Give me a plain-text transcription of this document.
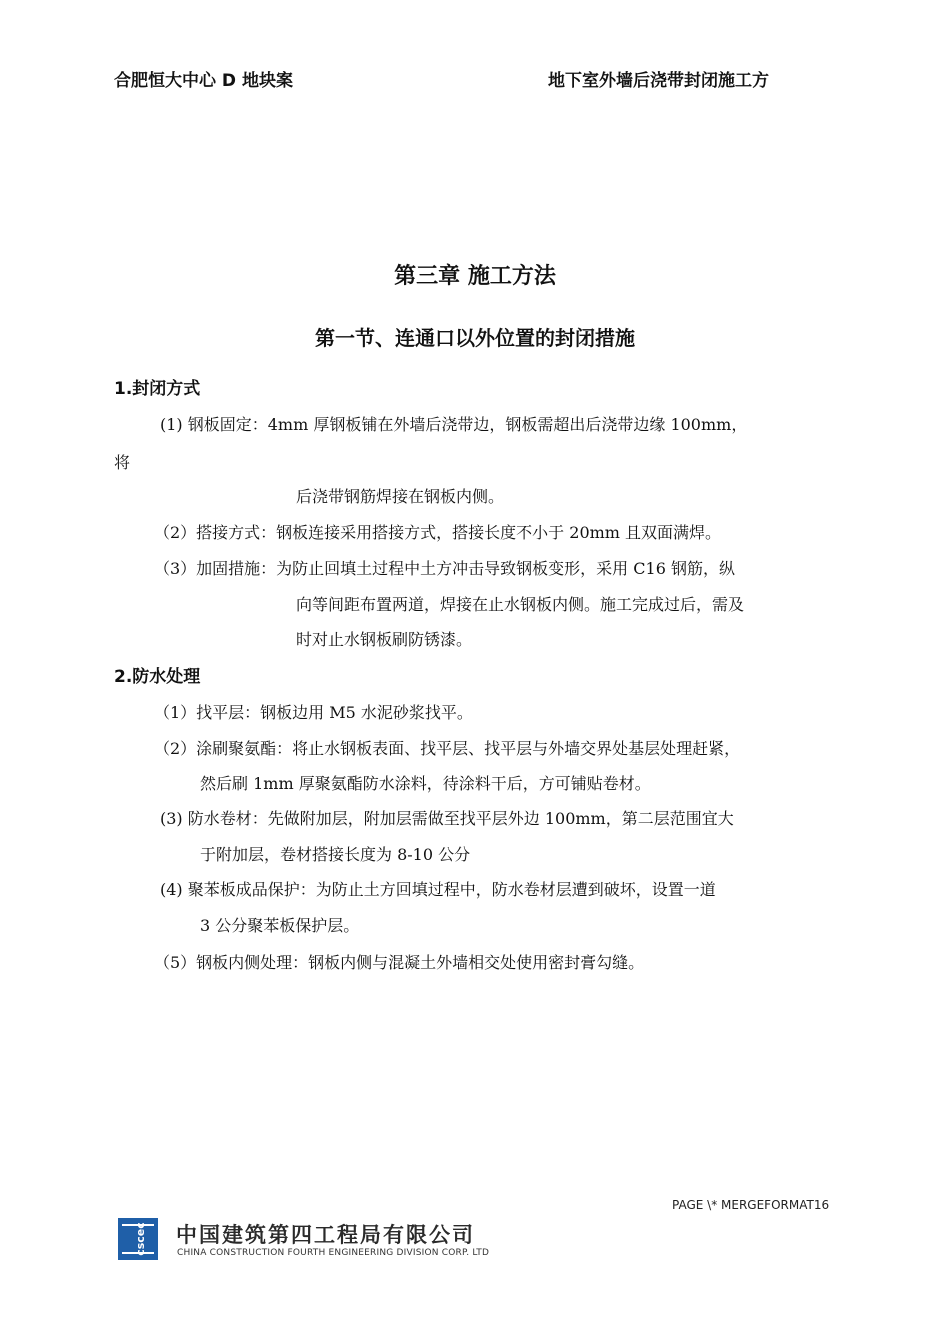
合肥恒大中心 D 地块案	地下室外墙后浇带封闭施工方
第三章 施工方法
第一节、连通口以外位置的封闭措施
1.封闭方式
(1) 钢板固定：4mm 厚钢板铺在外墙后浇带边，钢板需超出后浇带边缘 100mm，
将
后浇带钢筋焊接在钢板内侧。
（2）搭接方式：钢板连接采用搭接方式，搭接长度不小于 20mm 且双面满焊。
（3）加固措施：为防止回填土过程中土方冲击导致钢板变形，采用 C16 钢筋，纵
向等间距布置两道，焊接在止水钢板内侧。施工完成过后，需及
时对止水钢板刷防锈漆。
2.防水处理
（1）找平层：钢板边用 M5 水泥砂浆找平。
（2）涂刷聚氨酯：将止水钢板表面、找平层、找平层与外墙交界处基层处理赶紧，
然后刷 1mm 厚聚氨酯防水涂料，待涂料干后，方可铺贴卷材。
(3) 防水卷材：先做附加层，附加层需做至找平层外边 100mm，第二层范围宜大
于附加层，卷材搭接长度为 8-10 公分
(4) 聚苯板成品保护：为防止土方回填过程中，防水卷材层遭到破坏，设置一道
3 公分聚苯板保护层。
（5）钢板内侧处理：钢板内侧与混凝土外墙相交处使用密封膏勾缝。
PAGE \* MERGEFORMAT16
cscec 中国建筑第四工程局有限公司
CHINA CONSTRUCTION FOURTH ENGINEERING DIVISION CORP. LTD
